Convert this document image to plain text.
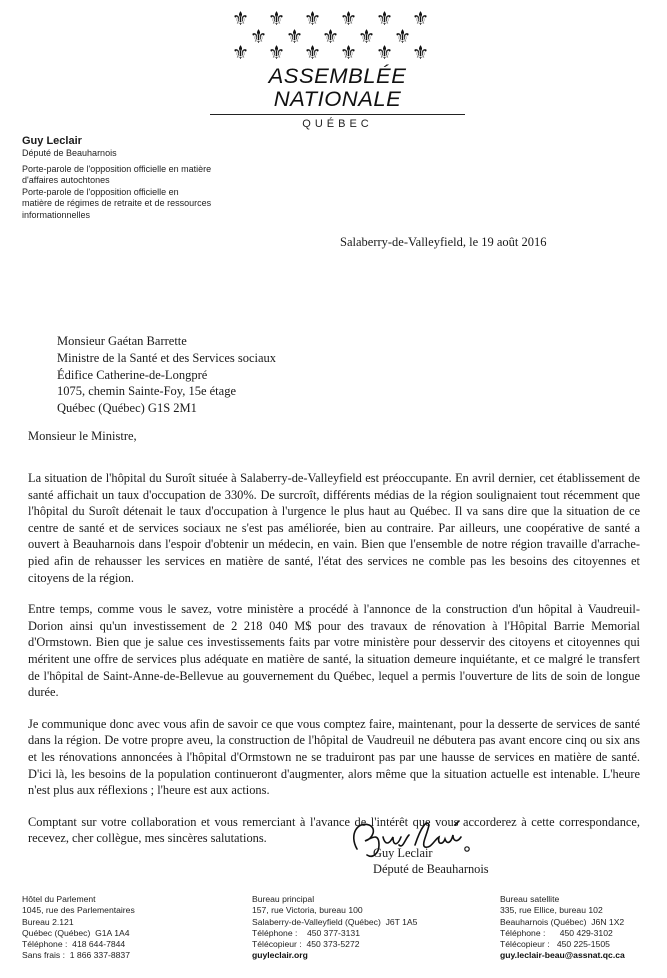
⚜ ⚜ ⚜ ⚜ ⚜ ⚜
⚜ ⚜ ⚜ ⚜ ⚜
⚜ ⚜ ⚜ ⚜ ⚜ ⚜
ASSEMBLÉE NATIONALE
QUÉBEC
Guy Leclair
Député de Beauharnois
Porte-parole de l'opposition officielle en matière
d'affaires autochtones
Porte-parole de l'opposition officielle en
matière de régimes de retraite et de ressources
informationnelles
Salaberry-de-Valleyfield, le 19 août 2016
Monsieur Gaétan Barrette
Ministre de la Santé et des Services sociaux
Édifice Catherine-de-Longpré
1075, chemin Sainte-Foy, 15e étage
Québec (Québec) G1S 2M1
Monsieur le Ministre,

La situation de l'hôpital du Suroît située à Salaberry-de-Valleyfield est préoccupante. En avril dernier, cet établissement de santé affichait un taux d'occupation de 330%. De surcroît, différents médias de la région soulignaient tout récemment que l'hôpital du Suroît détenait le taux d'occupation à l'urgence le plus haut au Québec. Il va sans dire que la situation de ce centre de santé et de services sociaux ne s'est pas améliorée, bien au contraire. Par ailleurs, une coopérative de santé a ouvert à Beauharnois dans l'espoir d'obtenir un médecin, en vain. Bien que l'ensemble de notre région travaille d'arrache-pied afin de rehausser les services en matière de santé, l'état des services ne comble pas les besoins des citoyennes et citoyens de la région.

Entre temps, comme vous le savez, votre ministère a procédé à l'annonce de la construction d'un hôpital à Vaudreuil-Dorion ainsi qu'un investissement de 2 218 040 M$ pour des travaux de rénovation à l'Hôpital Barrie Memorial d'Ormstown. Bien que je salue ces investissements faits par votre ministère pour desservir des citoyens et citoyennes qui méritent une offre de services plus adéquate en matière de santé, la situation demeure inquiétante, et ce malgré le transfert de l'hôpital de Saint-Anne-de-Bellevue au gouvernement du Québec, lequel a permis l'ouverture de lits de soin de longue durée.

Je communique donc avec vous afin de savoir ce que vous comptez faire, maintenant, pour la desserte de services de santé dans la région. De votre propre aveu, la construction de l'hôpital de Vaudreuil ne débutera pas avant encore cinq ou six ans et les rénovations annoncées à l'hôpital d'Ormstown ne se traduiront pas par une hausse de services en matière de santé. D'ici là, les besoins de la population continueront d'augmenter, alors même que la situation actuelle est intenable. L'heure n'est plus aux réflexions ; l'heure est aux actions.

Comptant sur votre collaboration et vous remerciant à l'avance de l'intérêt que vous accorderez à cette correspondance, recevez, cher collègue, mes sincères salutations.

Guy Leclair
Député de Beauharnois
Hôtel du Parlement
1045, rue des Parlementaires
Bureau 2.121
Québec (Québec)  G1A 1A4
Téléphone :  418 644-7844
Sans frais :  1 866 337-8837
Bureau principal
157, rue Victoria, bureau 100
Salaberry-de-Valleyfield (Québec)  J6T 1A5
Téléphone :    450 377-3131
Télécopieur :  450 373-5272
guyleclair.org
Bureau satellite
335, rue Ellice, bureau 102
Beauharnois (Québec)  J6N 1X2
Téléphone :      450 429-3102
Télécopieur :   450 225-1505
guy.leclair-beau@assnat.qc.ca
